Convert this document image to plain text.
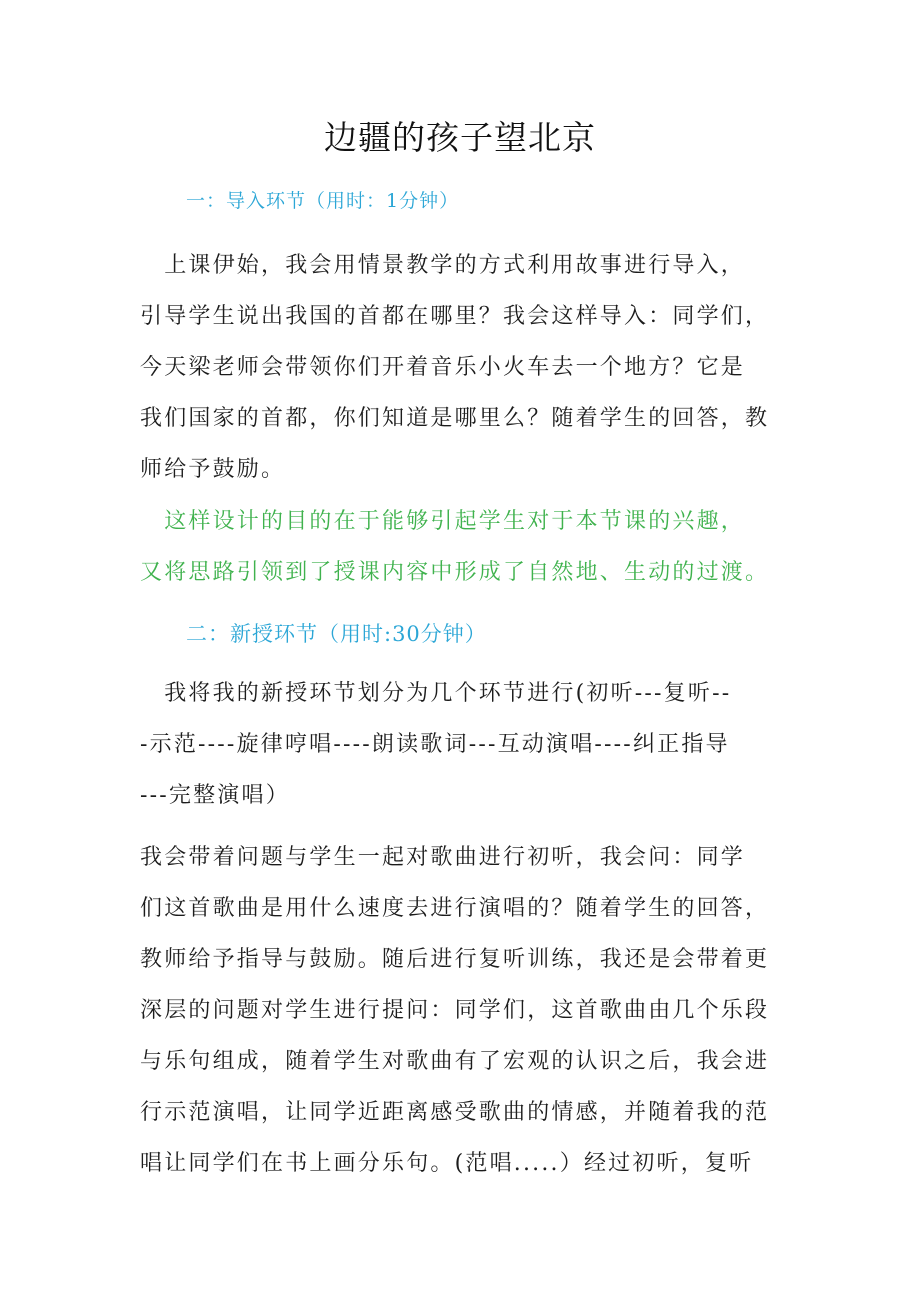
边疆的孩子望北京
一：导入环节（用时：1分钟）
　上课伊始，我会用情景教学的方式利用故事进行导入，
引导学生说出我国的首都在哪里？我会这样导入：同学们，
今天梁老师会带领你们开着音乐小火车去一个地方？它是
我们国家的首都，你们知道是哪里么？随着学生的回答，教
师给予鼓励。
　这样设计的目的在于能够引起学生对于本节课的兴趣，
又将思路引领到了授课内容中形成了自然地、生动的过渡。
二：新授环节（用时:30分钟）
　我将我的新授环节划分为几个环节进行(初听---复听--
-示范----旋律哼唱----朗读歌词---互动演唱----纠正指导
---完整演唱）
我会带着问题与学生一起对歌曲进行初听，我会问：同学
们这首歌曲是用什么速度去进行演唱的？随着学生的回答，
教师给予指导与鼓励。随后进行复听训练，我还是会带着更
深层的问题对学生进行提问：同学们，这首歌曲由几个乐段
与乐句组成，随着学生对歌曲有了宏观的认识之后，我会进
行示范演唱，让同学近距离感受歌曲的情感，并随着我的范
唱让同学们在书上画分乐句。(范唱.....）经过初听，复听
